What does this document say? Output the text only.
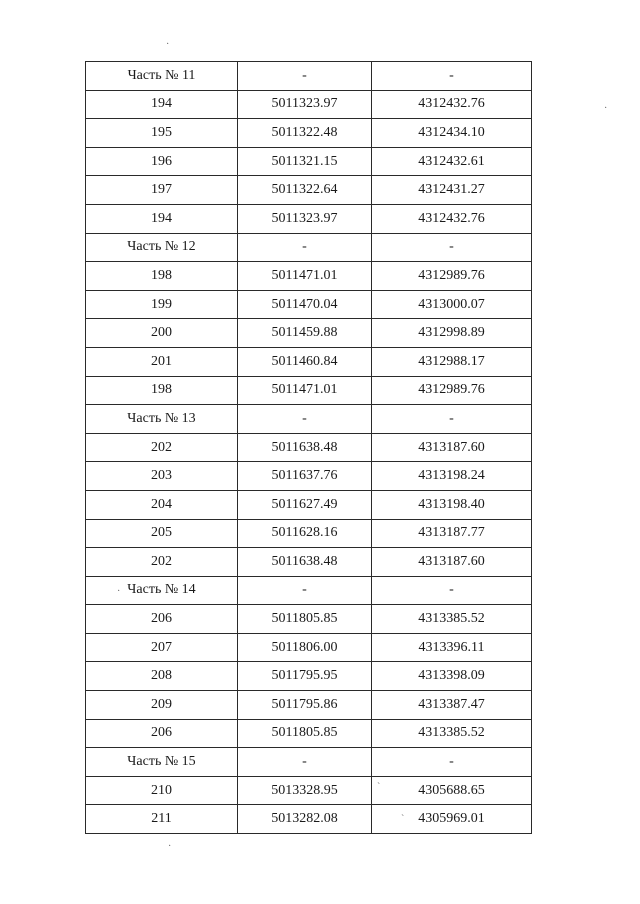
Часть № 11	-	-
194	5011323.97	4312432.76
195	5011322.48	4312434.10
196	5011321.15	4312432.61
197	5011322.64	4312431.27
194	5011323.97	4312432.76
Часть № 12	-	-
198	5011471.01	4312989.76
199	5011470.04	4313000.07
200	5011459.88	4312998.89
201	5011460.84	4312988.17
198	5011471.01	4312989.76
Часть № 13	-	-
202	5011638.48	4313187.60
203	5011637.76	4313198.24
204	5011627.49	4313198.40
205	5011628.16	4313187.77
202	5011638.48	4313187.60
Часть № 14	-	-
206	5011805.85	4313385.52
207	5011806.00	4313396.11
208	5011795.95	4313398.09
209	5011795.86	4313387.47
206	5011805.85	4313385.52
Часть № 15	-	-
210	5013328.95	4305688.65
211	5013282.08	4305969.01
·
·
·
`
`
·
